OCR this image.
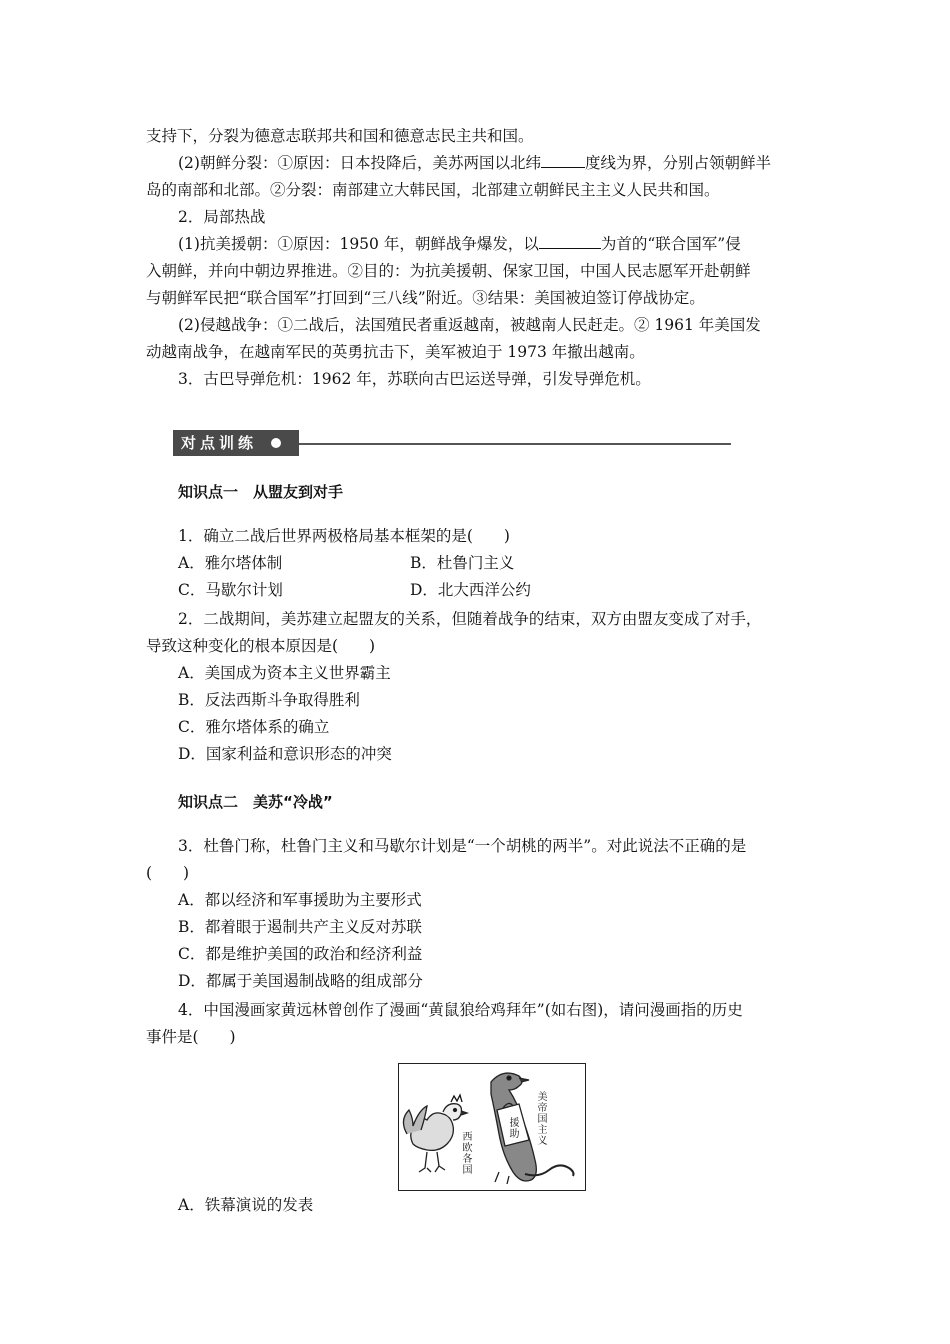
支持下，分裂为德意志联邦共和国和德意志民主共和国。
(2)朝鲜分裂：①原因：日本投降后，美苏两国以北纬	度线为界，分别占领朝鲜半
岛的南部和北部。②分裂：南部建立大韩民国，北部建立朝鲜民主主义人民共和国。
2．局部热战
(1)抗美援朝：①原因：1950 年，朝鲜战争爆发，以	为首的“联合国军”侵
入朝鲜，并向中朝边界推进。②目的：为抗美援朝、保家卫国，中国人民志愿军开赴朝鲜
与朝鲜军民把“联合国军”打回到“三八线”附近。③结果：美国被迫签订停战协定。
(2)侵越战争：①二战后，法国殖民者重返越南，被越南人民赶走。② 1961 年美国发
动越南战争，在越南军民的英勇抗击下，美军被迫于 1973 年撤出越南。
3．古巴导弹危机：1962 年，苏联向古巴运送导弹，引发导弹危机。
对点训练
知识点一　从盟友到对手
1．确立二战后世界两极格局基本框架的是(　　)
A．雅尔塔体制	B．杜鲁门主义
C．马歇尔计划	D．北大西洋公约
2．二战期间，美苏建立起盟友的关系，但随着战争的结束，双方由盟友变成了对手，
导致这种变化的根本原因是(　　)
A．美国成为资本主义世界霸主
B．反法西斯斗争取得胜利
C．雅尔塔体系的确立
D．国家利益和意识形态的冲突
知识点二　美苏“冷战”
3．杜鲁门称，杜鲁门主义和马歇尔计划是“一个胡桃的两半”。对此说法不正确的是
(　　)
A．都以经济和军事援助为主要形式
B．都着眼于遏制共产主义反对苏联
C．都是维护美国的政治和经济利益
D．都属于美国遏制战略的组成部分
4．中国漫画家黄远林曾创作了漫画“黄鼠狼给鸡拜年”(如右图)，请问漫画指的历史
事件是(　　)
西欧各国
美帝国主义
援助
A．铁幕演说的发表
